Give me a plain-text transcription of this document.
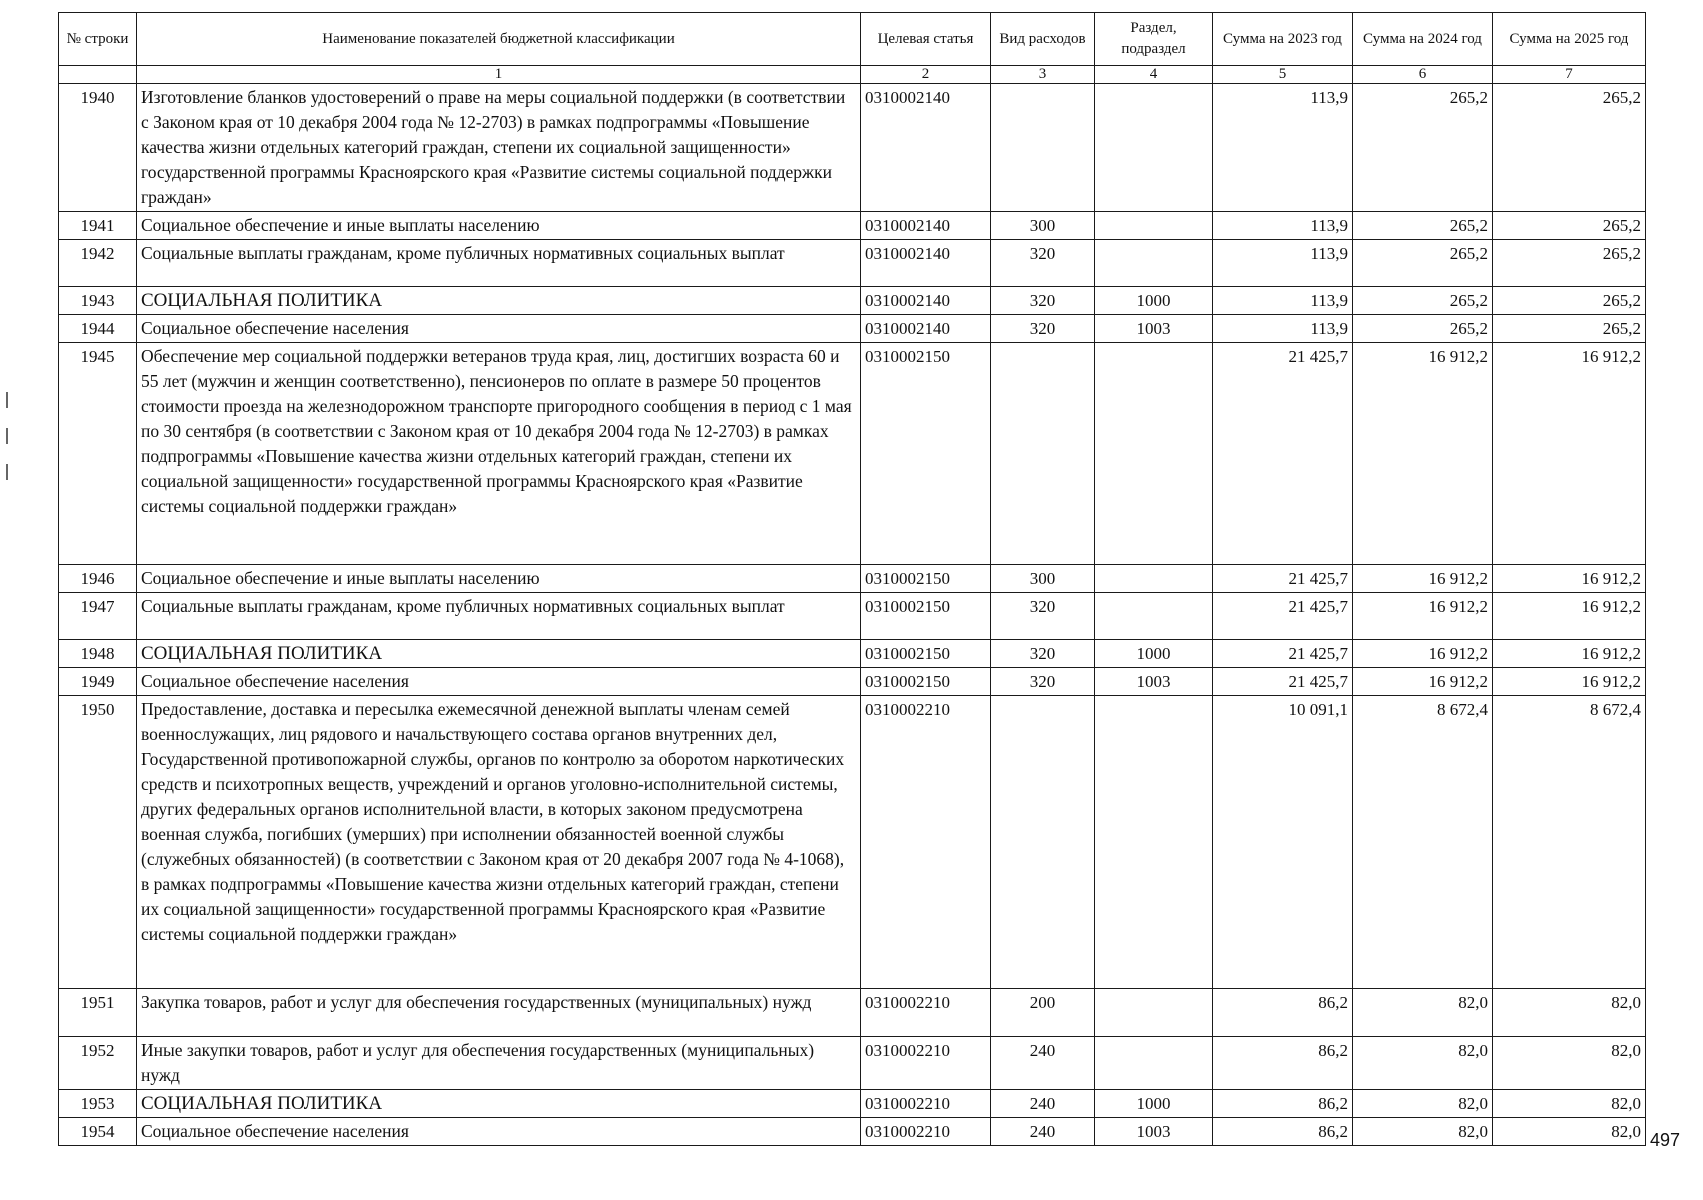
№ строки	Наименование показателей бюджетной классификации	Целевая статья	Вид расходов	Раздел, подраздел	Сумма на 2023 год	Сумма на 2024 год	Сумма на 2025 год
	1	2	3	4	5	6	7
1940	Изготовление бланков удостоверений о праве на меры социальной поддержки (в соответствии с Законом края от 10 декабря 2004 года № 12-2703) в рамках подпрограммы «Повышение качества жизни отдельных категорий граждан, степени их социальной защищенности» государственной программы Красноярского края «Развитие системы социальной поддержки граждан»	0310002140			113,9	265,2	265,2
1941	Социальное обеспечение и иные выплаты населению	0310002140	300		113,9	265,2	265,2
1942	Социальные выплаты гражданам, кроме публичных нормативных социальных выплат	0310002140	320		113,9	265,2	265,2
1943	СОЦИАЛЬНАЯ ПОЛИТИКА	0310002140	320	1000	113,9	265,2	265,2
1944	Социальное обеспечение населения	0310002140	320	1003	113,9	265,2	265,2
1945	Обеспечение мер социальной поддержки ветеранов труда края, лиц, достигших возраста 60 и 55 лет (мужчин и женщин соответственно), пенсионеров по оплате в размере 50 процентов стоимости проезда на железнодорожном транспорте пригородного сообщения в период с 1 мая по 30 сентября (в соответствии с Законом края от 10 декабря 2004 года № 12-2703) в рамках подпрограммы «Повышение качества жизни отдельных категорий граждан, степени их социальной защищенности» государственной программы Красноярского края «Развитие системы социальной поддержки граждан»	0310002150			21 425,7	16 912,2	16 912,2
1946	Социальное обеспечение и иные выплаты населению	0310002150	300		21 425,7	16 912,2	16 912,2
1947	Социальные выплаты гражданам, кроме публичных нормативных социальных выплат	0310002150	320		21 425,7	16 912,2	16 912,2
1948	СОЦИАЛЬНАЯ ПОЛИТИКА	0310002150	320	1000	21 425,7	16 912,2	16 912,2
1949	Социальное обеспечение населения	0310002150	320	1003	21 425,7	16 912,2	16 912,2
1950	Предоставление, доставка и пересылка ежемесячной денежной выплаты членам семей военнослужащих, лиц рядового и начальствующего состава органов внутренних дел, Государственной противопожарной службы, органов по контролю за оборотом наркотических средств и психотропных веществ, учреждений и органов уголовно-исполнительной системы, других федеральных органов исполнительной власти, в которых законом предусмотрена военная служба, погибших (умерших) при исполнении обязанностей военной службы (служебных обязанностей) (в соответствии с Законом края от 20 декабря 2007 года № 4-1068), в рамках подпрограммы «Повышение качества жизни отдельных категорий граждан, степени их социальной защищенности» государственной программы Красноярского края «Развитие системы социальной поддержки граждан»	0310002210			10 091,1	8 672,4	8 672,4
1951	Закупка товаров, работ и услуг для обеспечения государственных (муниципальных) нужд	0310002210	200		86,2	82,0	82,0
1952	Иные закупки товаров, работ и услуг для обеспечения государственных (муниципальных) нужд	0310002210	240		86,2	82,0	82,0
1953	СОЦИАЛЬНАЯ ПОЛИТИКА	0310002210	240	1000	86,2	82,0	82,0
1954	Социальное обеспечение населения	0310002210	240	1003	86,2	82,0	82,0 497
